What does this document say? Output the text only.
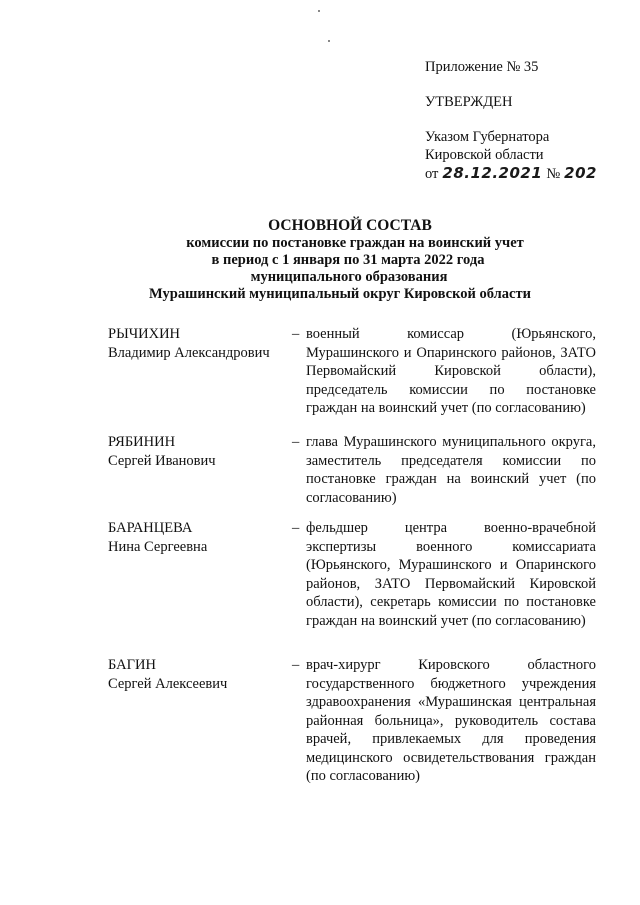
Приложение № 35
УТВЕРЖДЕН
Указом Губернатора
Кировской области
от 28.12.2021 № 202
ОСНОВНОЙ СОСТАВ
комиссии по постановке граждан на воинский учет
в период с 1 января по 31 марта 2022 года
муниципального образования
Мурашинский муниципальный округ Кировской области
РЫЧИХИН
Владимир Александрович
– военный комиссар (Юрьянского, Мурашинского и Опаринского районов, ЗАТО Первомайский Кировской области), председатель комиссии по постановке граждан на воинский учет (по согласованию)
РЯБИНИН
Сергей Иванович
– глава Мурашинского муниципального округа, заместитель председателя комиссии по постановке граждан на воинский учет (по согласованию)
БАРАНЦЕВА
Нина Сергеевна
– фельдшер центра военно-врачебной экспертизы военного комиссариата (Юрьянского, Мурашинского и Опаринского районов, ЗАТО Первомайский Кировской области), секретарь комиссии по постановке граждан на воинский учет (по согласованию)
БАГИН
Сергей Алексеевич
– врач-хирург Кировского областного государственного бюджетного учреждения здравоохранения «Мурашинская центральная районная больница», руководитель состава врачей, привлекаемых для проведения медицинского освидетельствования граждан (по согласованию)
